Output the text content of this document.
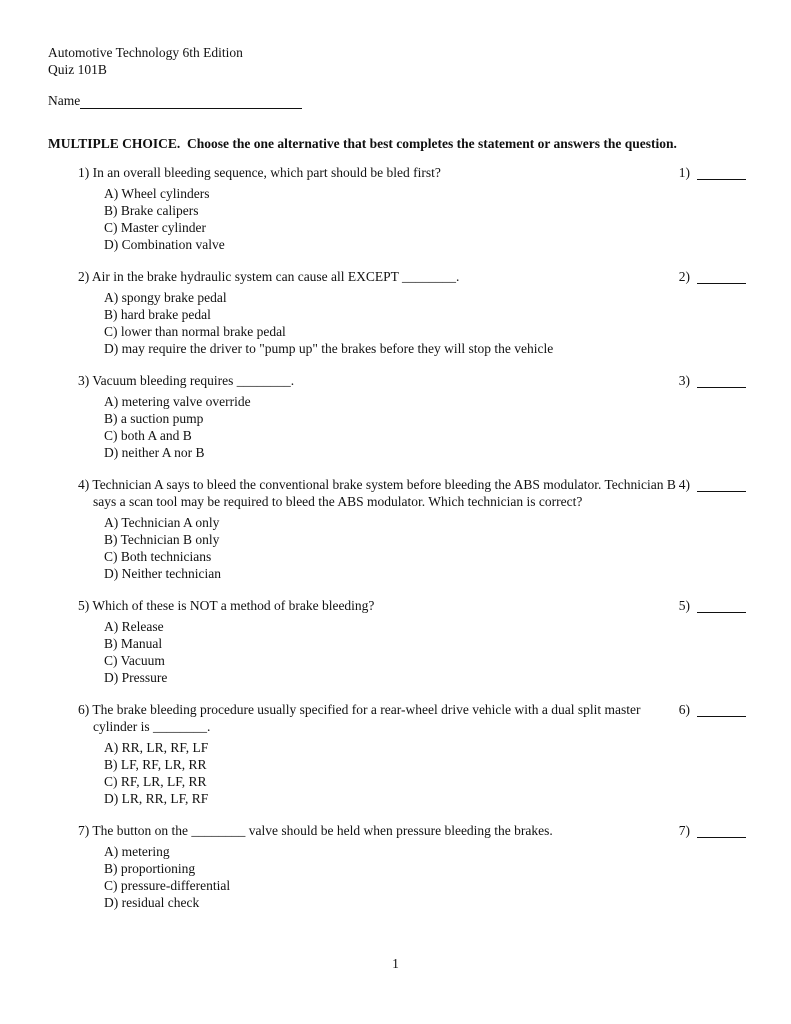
Automotive Technology 6th Edition
Quiz 101B
Name
MULTIPLE CHOICE.  Choose the one alternative that best completes the statement or answers the question.
1) In an overall bleeding sequence, which part should be bled first?
A) Wheel cylinders
B) Brake calipers
C) Master cylinder
D) Combination valve
1)
2) Air in the brake hydraulic system can cause all EXCEPT ________.
A) spongy brake pedal
B) hard brake pedal
C) lower than normal brake pedal
D) may require the driver to "pump up" the brakes before they will stop the vehicle
2)
3) Vacuum bleeding requires ________.
A) metering valve override
B) a suction pump
C) both A and B
D) neither A nor B
3)
4) Technician A says to bleed the conventional brake system before bleeding the ABS modulator. Technician B says a scan tool may be required to bleed the ABS modulator. Which technician is correct?
A) Technician A only
B) Technician B only
C) Both technicians
D) Neither technician
4)
5) Which of these is NOT a method of brake bleeding?
A) Release
B) Manual
C) Vacuum
D) Pressure
5)
6) The brake bleeding procedure usually specified for a rear-wheel drive vehicle with a dual split master cylinder is ________.
A) RR, LR, RF, LF
B) LF, RF, LR, RR
C) RF, LR, LF, RR
D) LR, RR, LF, RF
6)
7) The button on the ________ valve should be held when pressure bleeding the brakes.
A) metering
B) proportioning
C) pressure-differential
D) residual check
7)
1
